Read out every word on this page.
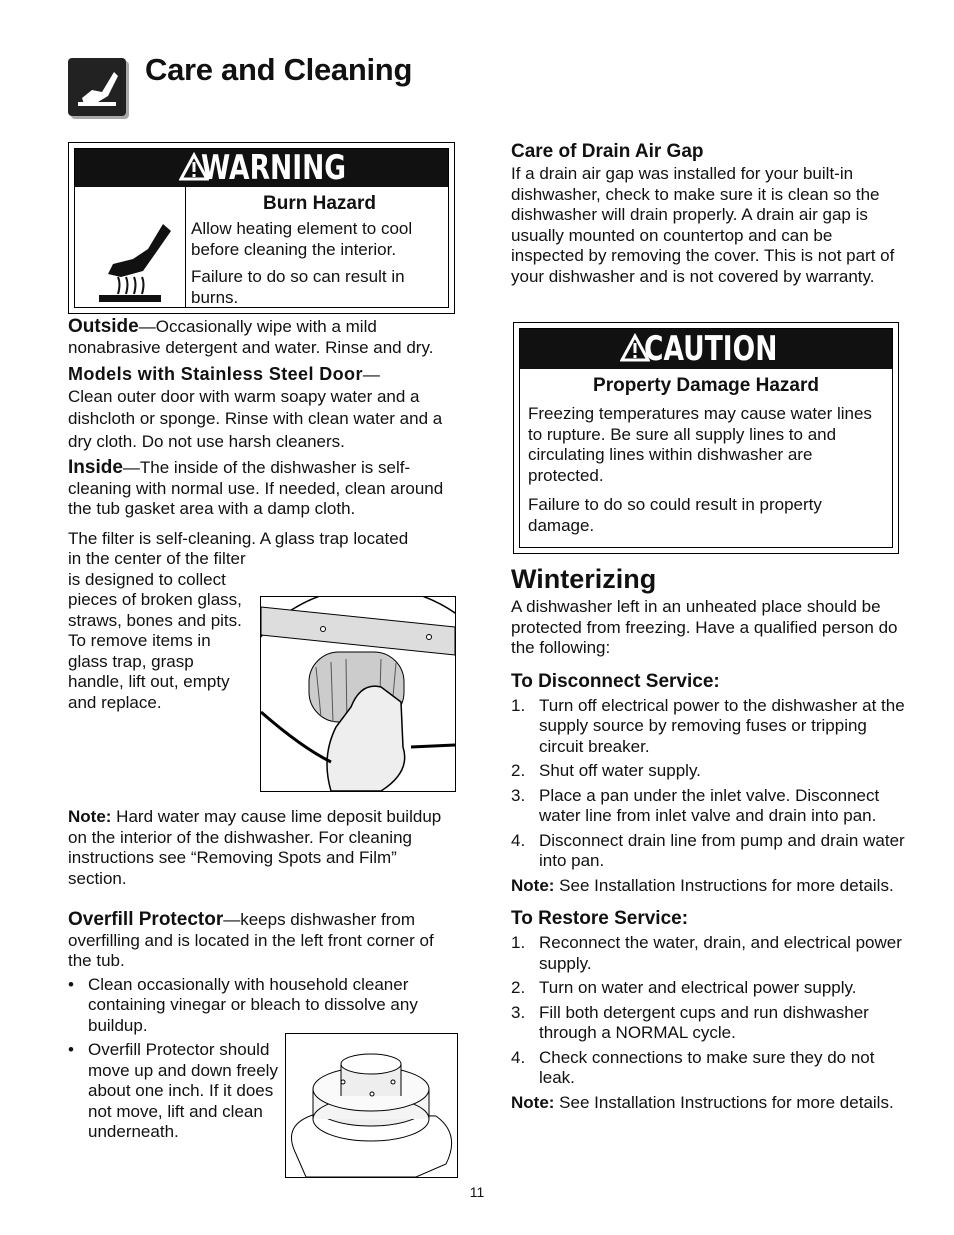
Care and Cleaning
WARNING
Burn Hazard

Allow heating element to cool before cleaning the interior.

Failure to do so can result in burns.

Outside—Occasionally wipe with a mild nonabrasive detergent and water. Rinse and dry.

Models with Stainless Steel Door—

Clean outer door with warm soapy water and a dishcloth or sponge. Rinse with clean water and a dry cloth. Do not use harsh cleaners.

Inside—The inside of the dishwasher is self-cleaning with normal use. If needed, clean around the tub gasket area with a damp cloth.

The filter is self-cleaning. A glass trap located

in the center of the filter is designed to collect pieces of broken glass, straws, bones and pits. To remove items in glass trap, grasp handle, lift out, empty and replace.

Note: Hard water may cause lime deposit buildup on the interior of the dishwasher. For cleaning instructions see “Removing Spots and Film” section.

Overfill Protector—keeps dishwasher from overfilling and is located in the left front corner of the tub.

• Clean occasionally with household cleaner containing vinegar or bleach to dissolve any buildup.
• Overfill Protector should move up and down freely about one inch. If it does not move, lift and clean underneath.
Care of Drain Air Gap

If a drain air gap was installed for your built-in dishwasher, check to make sure it is clean so the dishwasher will drain properly. A drain air gap is usually mounted on countertop and can be inspected by removing the cover. This is not part of your dishwasher and is not covered by warranty.

CAUTION
Property Damage Hazard

Freezing temperatures may cause water lines to rupture. Be sure all supply lines to and circulating lines within dishwasher are protected.

Failure to do so could result in property damage.

Winterizing

A dishwasher left in an unheated place should be protected from freezing. Have a qualified person do the following:

To Disconnect Service:
1. Turn off electrical power to the dishwasher at the supply source by removing fuses or tripping circuit breaker.
2. Shut off water supply.
3. Place a pan under the inlet valve. Disconnect water line from inlet valve and drain into pan.
4. Disconnect drain line from pump and drain water into pan.

Note: See Installation Instructions for more details.

To Restore Service:
1. Reconnect the water, drain, and electrical power supply.
2. Turn on water and electrical power supply.
3. Fill both detergent cups and run dishwasher through a NORMAL cycle.
4. Check connections to make sure they do not leak.

Note: See Installation Instructions for more details.

11
